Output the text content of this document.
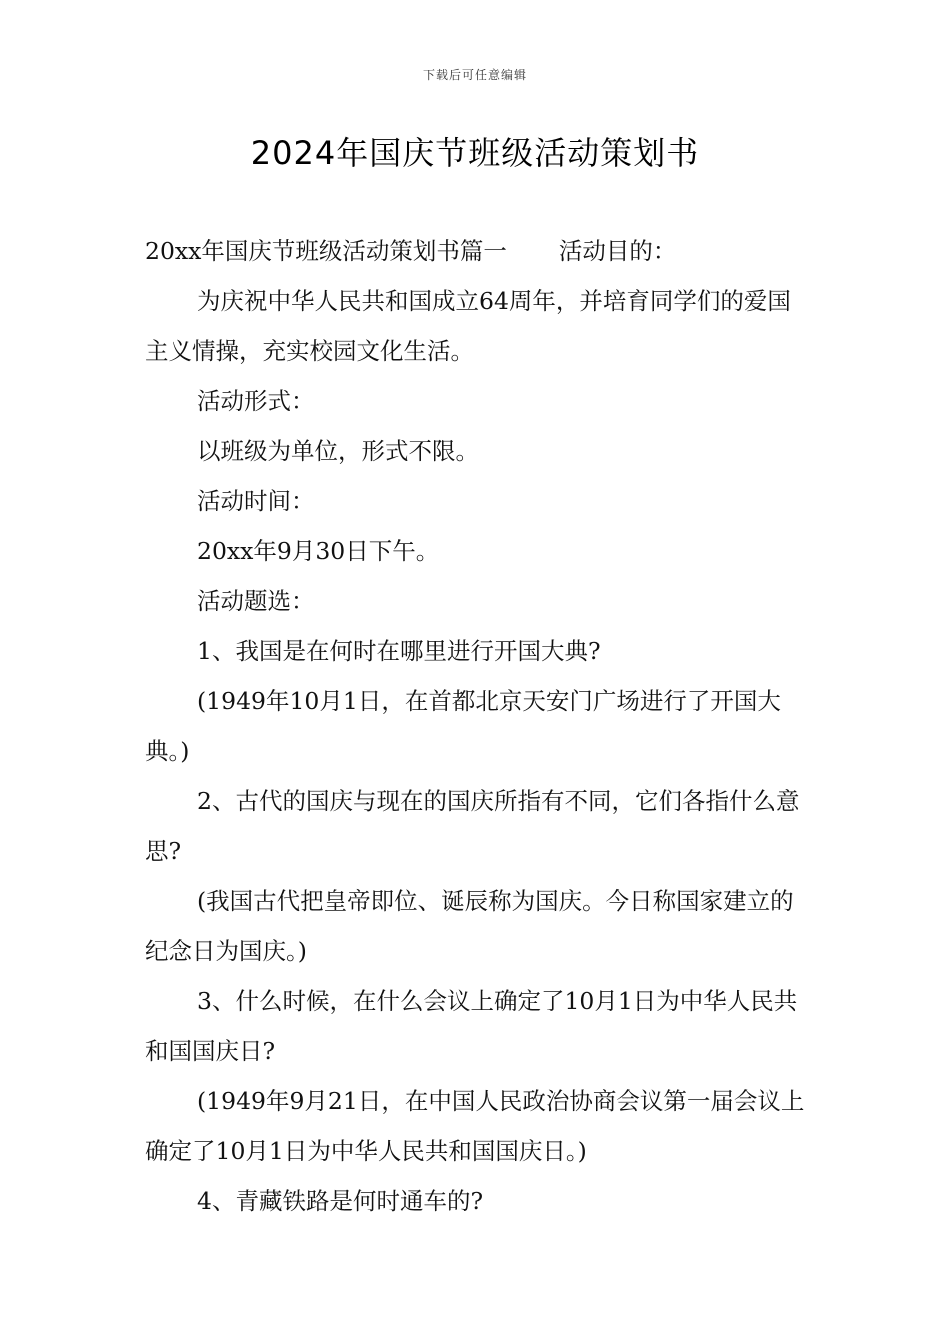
下载后可任意编辑
2024年国庆节班级活动策划书

20xx年国庆节班级活动策划书篇一 活动目的：

为庆祝中华人民共和国成立64周年，并培育同学们的爱国主义情操，充实校园文化生活。

活动形式：

以班级为单位，形式不限。

活动时间：

20xx年9月30日下午。

活动题选：

1、我国是在何时在哪里进行开国大典?

(1949年10月1日，在首都北京天安门广场进行了开国大典。)

2、古代的国庆与现在的国庆所指有不同，它们各指什么意思?

(我国古代把皇帝即位、诞辰称为国庆。今日称国家建立的纪念日为国庆。)

3、什么时候，在什么会议上确定了10月1日为中华人民共和国国庆日?

(1949年9月21日，在中国人民政治协商会议第一届会议上确定了10月1日为中华人民共和国国庆日。)

4、青藏铁路是何时通车的?
